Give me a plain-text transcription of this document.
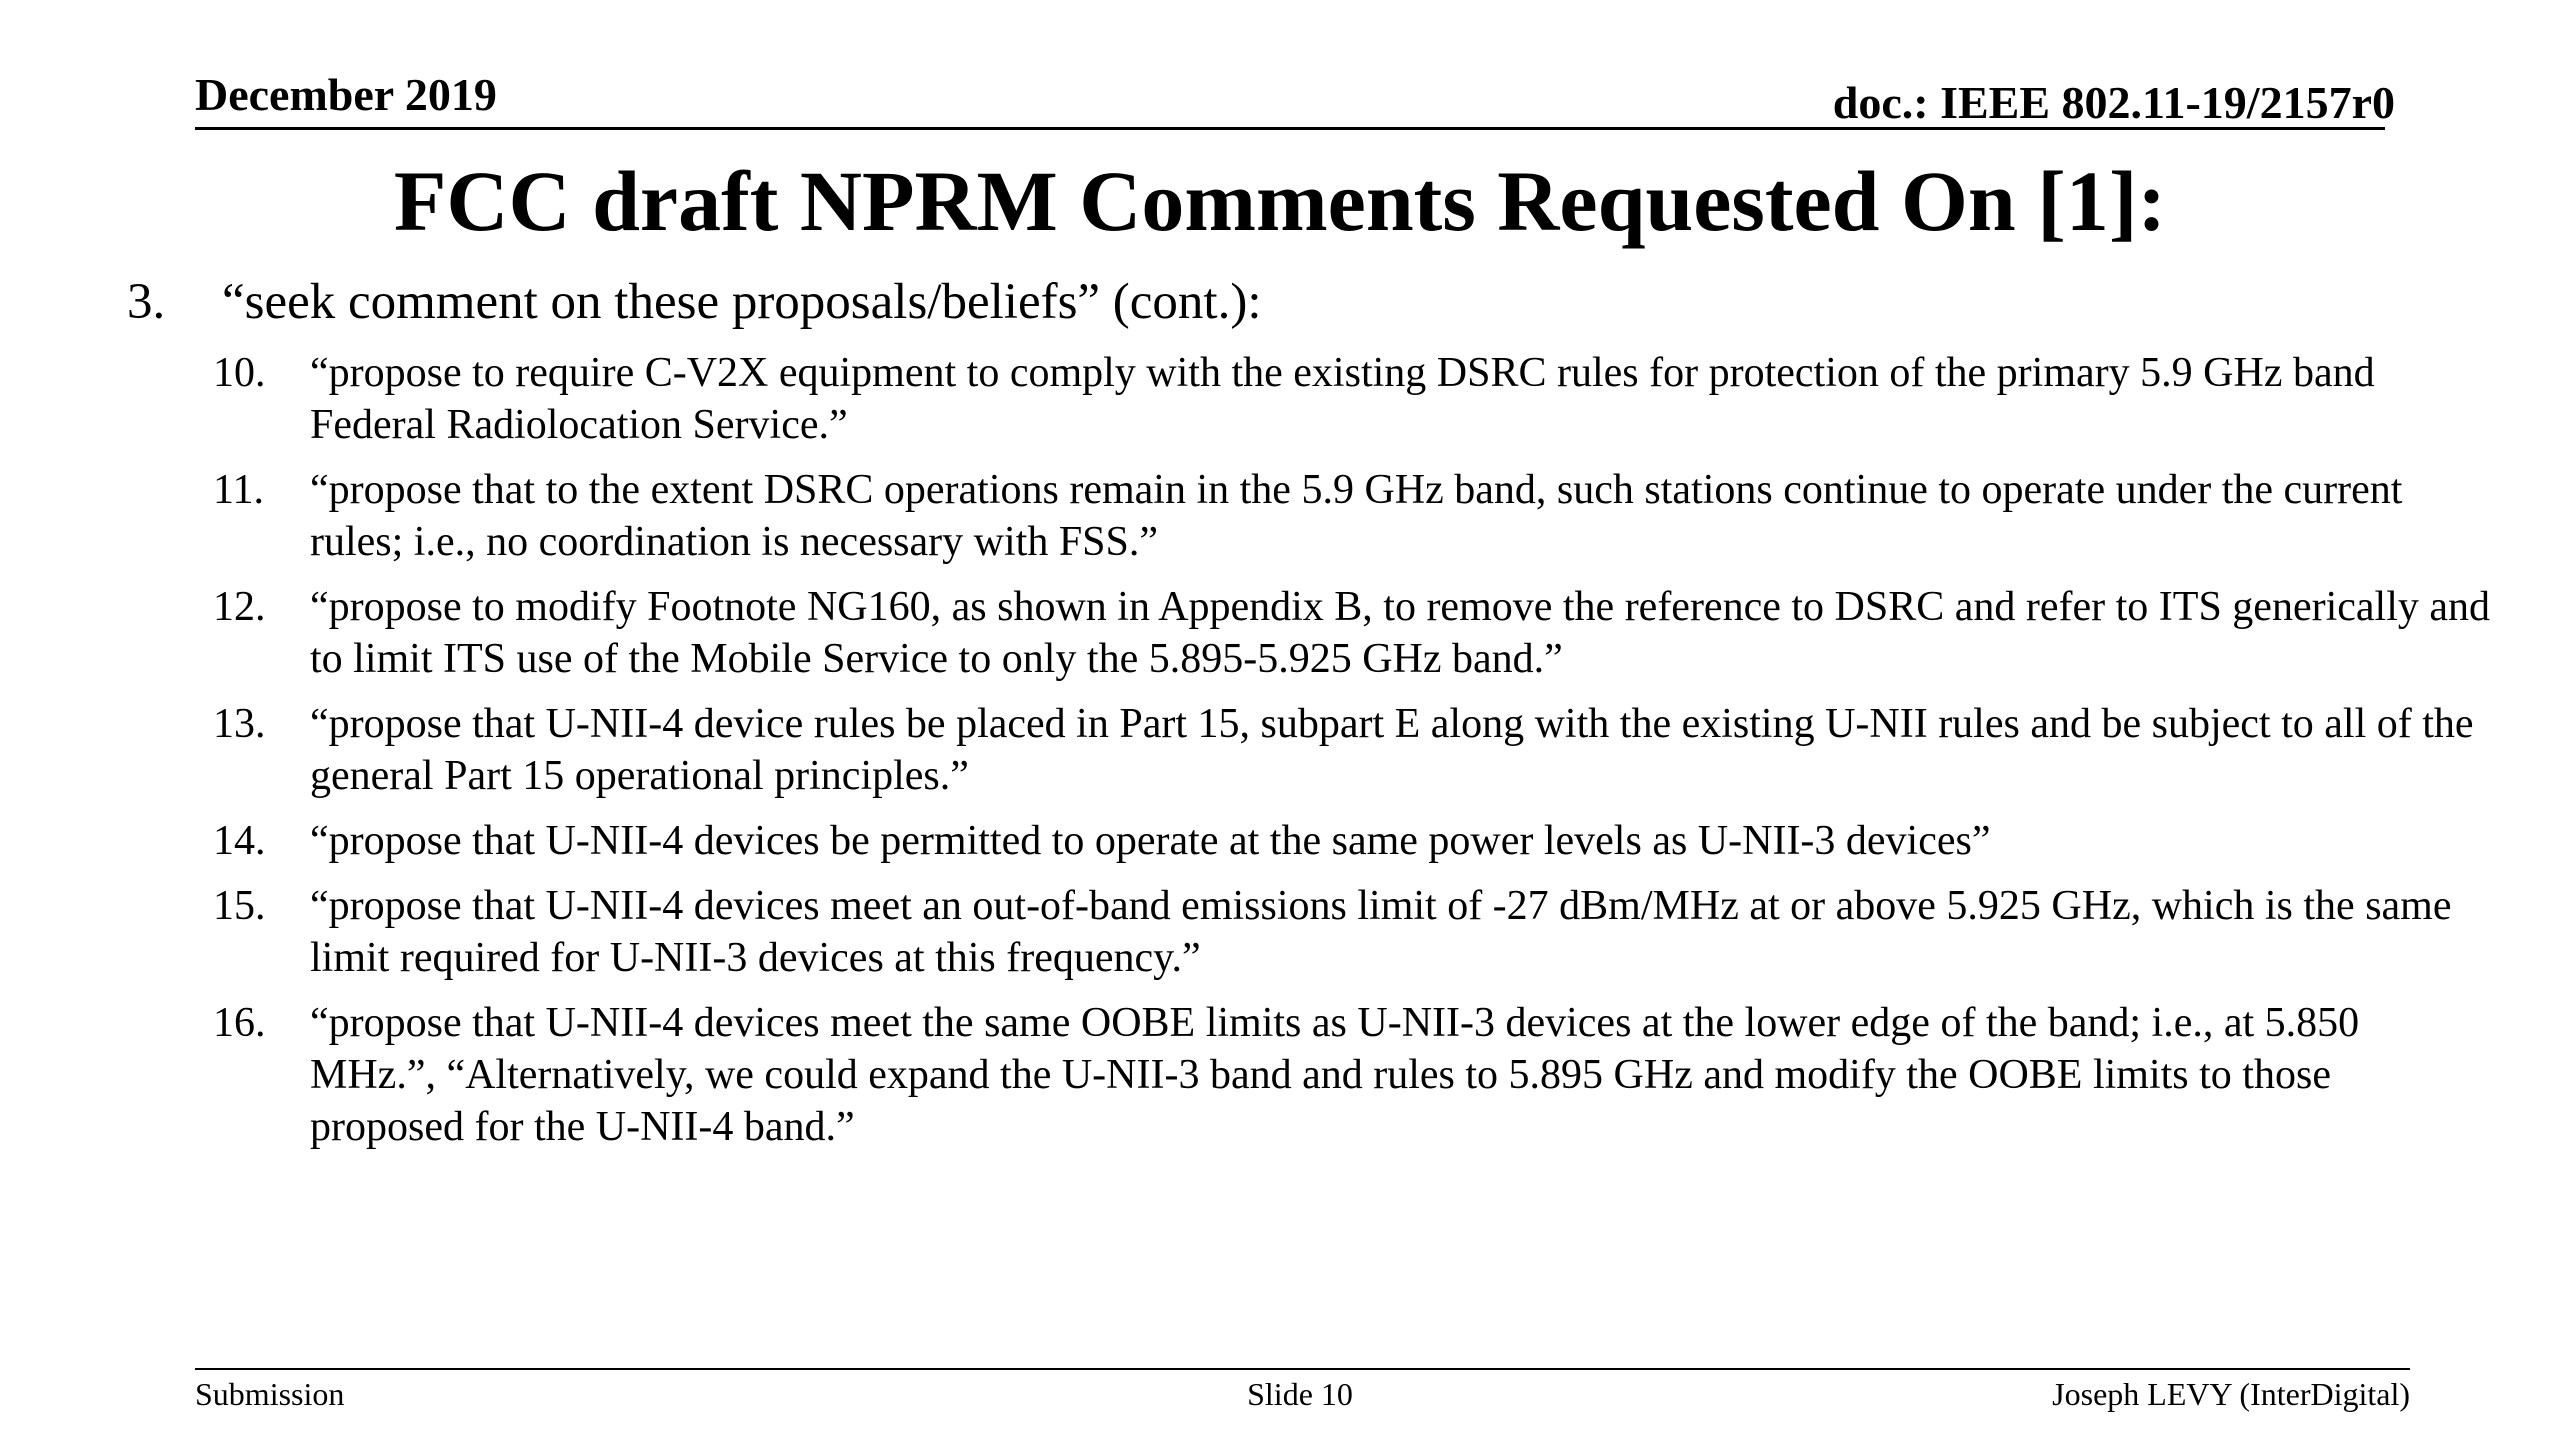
December 2019	doc.: IEEE 802.11-19/2157r0
FCC draft NPRM Comments Requested On [1]:
3. “seek comment on these proposals/beliefs” (cont.):
10.	“propose to require C-V2X equipment to comply with the existing DSRC rules for protection of the primary 5.9 GHz band Federal Radiolocation Service.”
11.	“propose that to the extent DSRC operations remain in the 5.9 GHz band, such stations continue to operate under the current rules; i.e., no coordination is necessary with FSS.”
12.	“propose to modify Footnote NG160, as shown in Appendix B, to remove the reference to DSRC and refer to ITS generically and to limit ITS use of the Mobile Service to only the 5.895-5.925 GHz band.”
13.	“propose that U-NII-4 device rules be placed in Part 15, subpart E along with the existing U-NII rules and be subject to all of the general Part 15 operational principles.”
14.	“propose that U-NII-4 devices be permitted to operate at the same power levels as U-NII-3 devices”
15.	“propose that U-NII-4 devices meet an out-of-band emissions limit of -27 dBm/MHz at or above 5.925 GHz, which is the same limit required for U-NII-3 devices at this frequency.”
16.	“propose that U-NII-4 devices meet the same OOBE limits as U-NII-3 devices at the lower edge of the band; i.e., at 5.850 MHz.”, “Alternatively, we could expand the U-NII-3 band and rules to 5.895 GHz and modify the OOBE limits to those proposed for the U-NII-4 band.”
Submission	Slide 10	Joseph LEVY (InterDigital)
